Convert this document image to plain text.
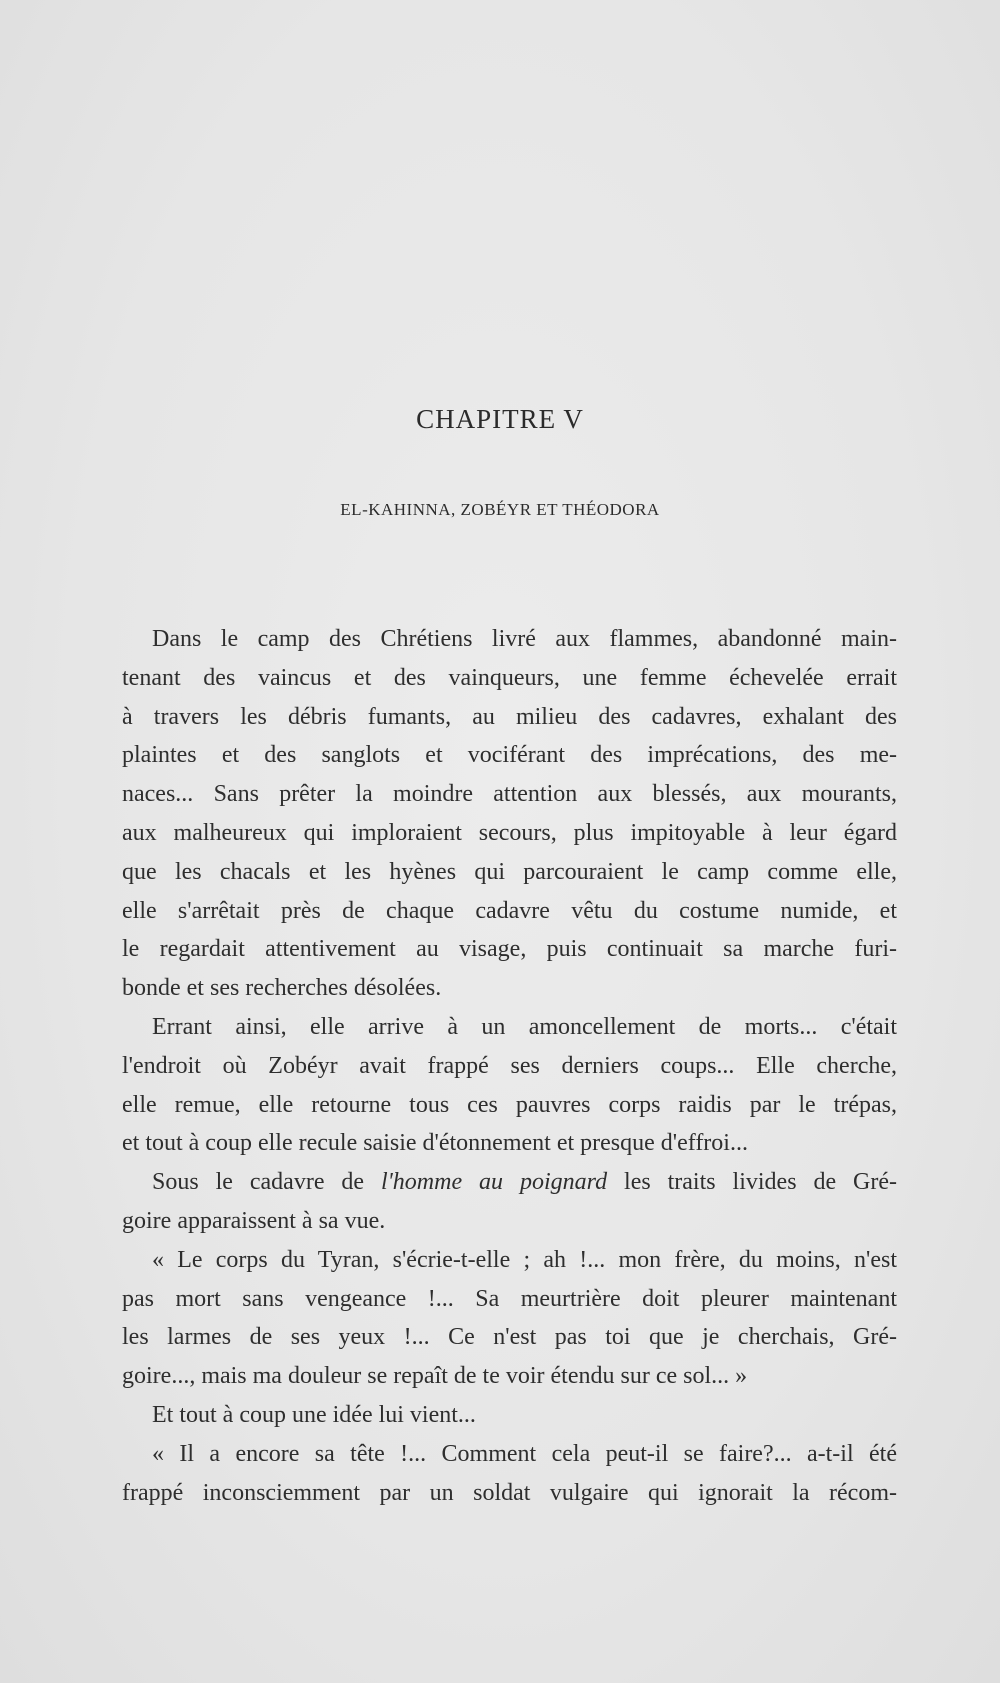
CHAPITRE V
EL-KAHINNA, ZOBÉYR ET THÉODORA
Dans le camp des Chrétiens livré aux flammes, abandonné main-
tenant des vaincus et des vainqueurs, une femme échevelée errait
à travers les débris fumants, au milieu des cadavres, exhalant des
plaintes et des sanglots et vociférant des imprécations, des me-
naces... Sans prêter la moindre attention aux blessés, aux mourants,
aux malheureux qui imploraient secours, plus impitoyable à leur égard
que les chacals et les hyènes qui parcouraient le camp comme elle,
elle s'arrêtait près de chaque cadavre vêtu du costume numide, et
le regardait attentivement au visage, puis continuait sa marche furi-
bonde et ses recherches désolées.
Errant ainsi, elle arrive à un amoncellement de morts... c'était
l'endroit où Zobéyr avait frappé ses derniers coups... Elle cherche,
elle remue, elle retourne tous ces pauvres corps raidis par le trépas,
et tout à coup elle recule saisie d'étonnement et presque d'effroi...
Sous le cadavre de l'homme au poignard les traits livides de Gré-
goire apparaissent à sa vue.
« Le corps du Tyran, s'écrie-t-elle ; ah !... mon frère, du moins, n'est
pas mort sans vengeance !... Sa meurtrière doit pleurer maintenant
les larmes de ses yeux !... Ce n'est pas toi que je cherchais, Gré-
goire..., mais ma douleur se repaît de te voir étendu sur ce sol... »
Et tout à coup une idée lui vient...
« Il a encore sa tête !... Comment cela peut-il se faire?... a-t-il été
frappé inconsciemment par un soldat vulgaire qui ignorait la récom-
